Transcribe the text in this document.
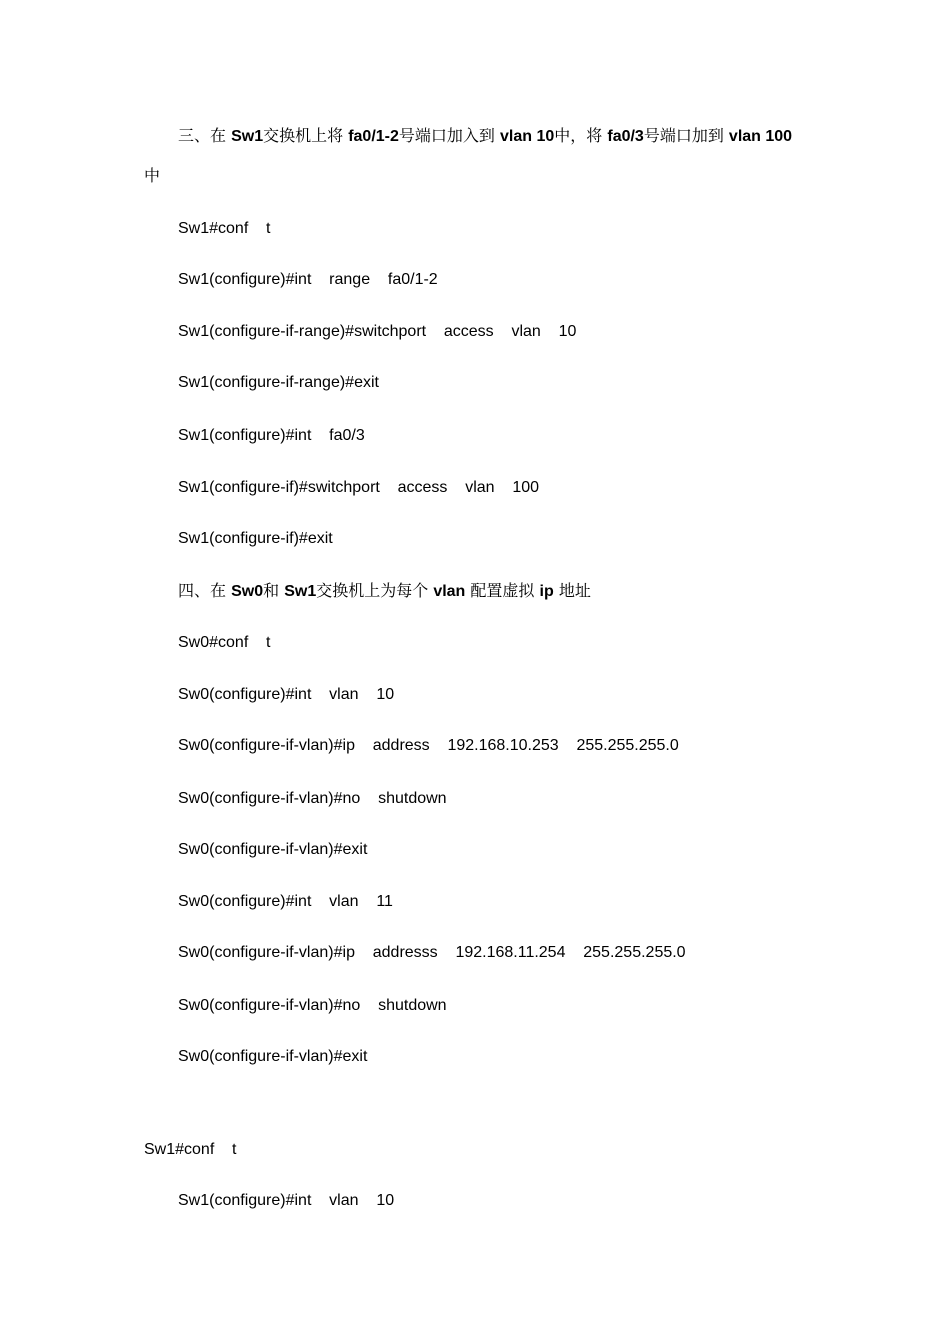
三、在 Sw1交换机上将 fa0/1-2号端口加入到 vlan 10中，将 fa0/3号端口加到 vlan 100
中
Sw1#conf    t
Sw1(configure)#int    range    fa0/1-2
Sw1(configure-if-range)#switchport    access    vlan    10
Sw1(configure-if-range)#exit
Sw1(configure)#int    fa0/3
Sw1(configure-if)#switchport    access    vlan    100
Sw1(configure-if)#exit
四、在 Sw0和 Sw1交换机上为每个 vlan 配置虚拟 ip 地址
Sw0#conf    t
Sw0(configure)#int    vlan    10
Sw0(configure-if-vlan)#ip    address    192.168.10.253    255.255.255.0
Sw0(configure-if-vlan)#no    shutdown
Sw0(configure-if-vlan)#exit
Sw0(configure)#int    vlan    11
Sw0(configure-if-vlan)#ip    addresss    192.168.11.254    255.255.255.0
Sw0(configure-if-vlan)#no    shutdown
Sw0(configure-if-vlan)#exit
Sw1#conf    t
Sw1(configure)#int    vlan    10
